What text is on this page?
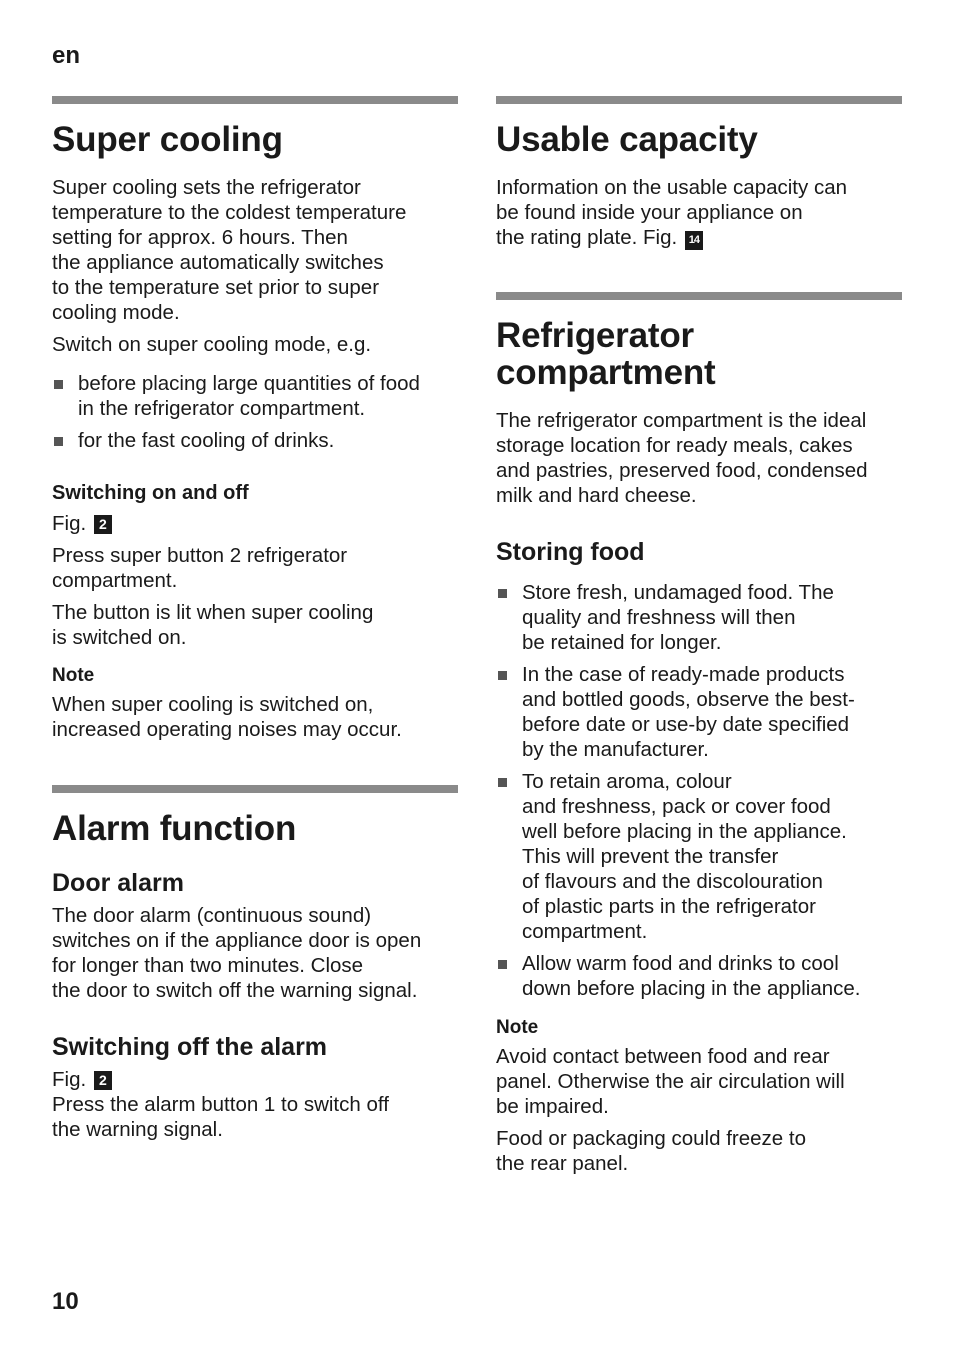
en
Super cooling

Super cooling sets the refrigerator
temperature to the coldest temperature
setting for approx. 6 hours. Then
the appliance automatically switches
to the temperature set prior to super
cooling mode.

Switch on super cooling mode, e.g.

before placing large quantities of food
in the refrigerator compartment.
for the fast cooling of drinks.
Switching on and off

Fig. 2

Press super button 2 refrigerator
compartment.

The button is lit when super cooling
is switched on.

Note

When super cooling is switched on,
increased operating noises may occur.

Alarm function
Door alarm

The door alarm (continuous sound)
switches on if the appliance door is open
for longer than two minutes. Close
the door to switch off the warning signal.

Switching off the alarm

Fig. 2

Press the alarm button 1 to switch off
the warning signal.

Usable capacity

Information on the usable capacity can
be found inside your appliance on
the rating plate. Fig. 14

Refrigerator
compartment

The refrigerator compartment is the ideal
storage location for ready meals, cakes
and pastries, preserved food, condensed
milk and hard cheese.

Storing food
Store fresh, undamaged food. The
quality and freshness will then
be retained for longer.
In the case of ready-made products
and bottled goods, observe the best-
before date or use-by date specified
by the manufacturer.
To retain aroma, colour
and freshness, pack or cover food
well before placing in the appliance.
This will prevent the transfer
of flavours and the discolouration
of plastic parts in the refrigerator
compartment.
Allow warm food and drinks to cool
down before placing in the appliance.
Note

Avoid contact between food and rear
panel. Otherwise the air circulation will
be impaired.

Food or packaging could freeze to
the rear panel.

10
